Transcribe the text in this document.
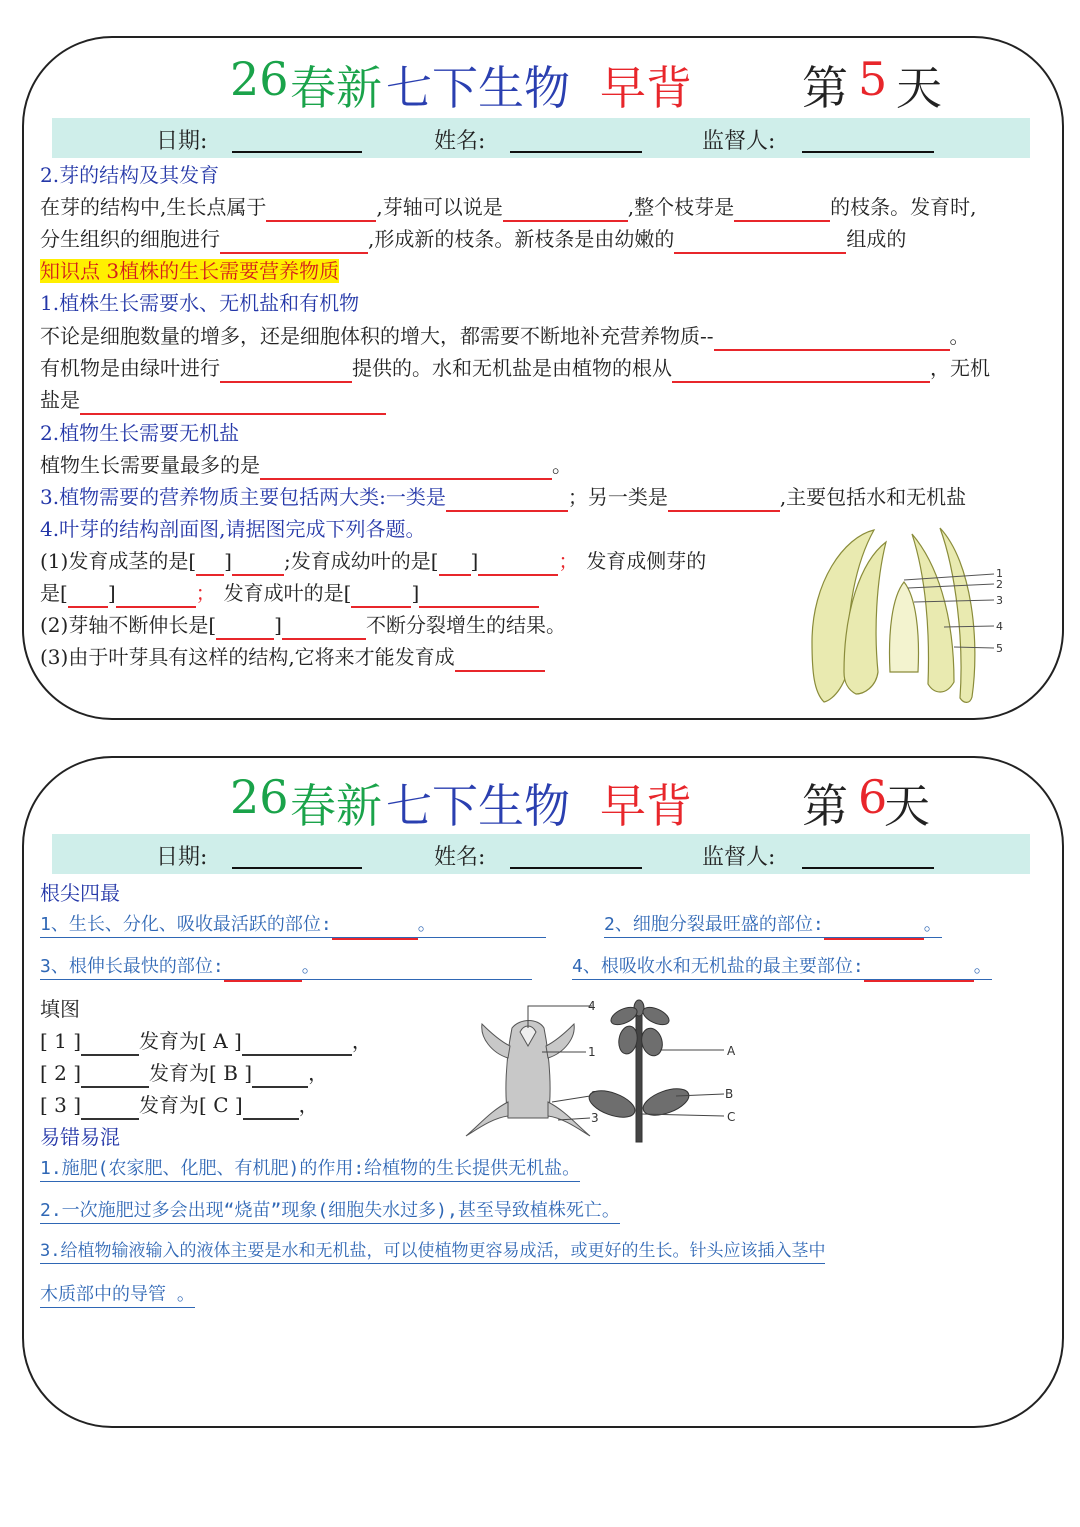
26 春新 七下生物 早背 第 5 天
日期:	姓名:	监督人:
2.芽的结构及其发育
在芽的结构中,生长点属于	,芽轴可以说是	,整个枝芽是	的枝条。发育时,
分生组织的细胞进行	,形成新的枝条。新枝条是由幼嫩的	组成的
知识点 3植株的生长需要营养物质
1.植株生长需要水、无机盐和有机物
不论是细胞数量的增多，还是细胞体积的增大，都需要不断地补充营养物质--	。
有机物是由绿叶进行	提供的。水和无机盐是由植物的根从	，无机
盐是
2.植物生长需要无机盐
植物生长需要量最多的是	。
3.植物需要的营养物质主要包括两大类:一类是	；另一类是	,主要包括水和无机盐
4.叶芽的结构剖面图,请据图完成下列各题。
(1)发育成茎的是[ ]	;发育成幼叶的是[ ]	； 发育成侧芽的
是[ ]	； 发育成叶的是[	]
(2)芽轴不断伸长是[	]	不断分裂增生的结果。
(3)由于叶芽具有这样的结构,它将来才能发育成
1
2
3
4
5
26 春新 七下生物 早背 第 6
天
日期:	姓名:	监督人:
根尖四最
1、生长、分化、吸收最活跃的部位:	。	2、细胞分裂最旺盛的部位:	。
3、根伸长最快的部位:	。	4、根吸收水和无机盐的最主要部位:	。
填图
[ 1 ]	发育为[ A ]	，
[ 2 ]	发育为[ B ]	，
[ 3 ]	发育为[ C ]	，
4
1
3
A
B
C
易错易混
1.施肥(农家肥、化肥、有机肥)的作用:给植物的生长提供无机盐。
2.一次施肥过多会出现“烧苗”现象(细胞失水过多),甚至导致植株死亡。
3.给植物输液输入的液体主要是水和无机盐，可以使植物更容易成活，或更好的生长。针头应该插入茎中
木质部中的导管 。
